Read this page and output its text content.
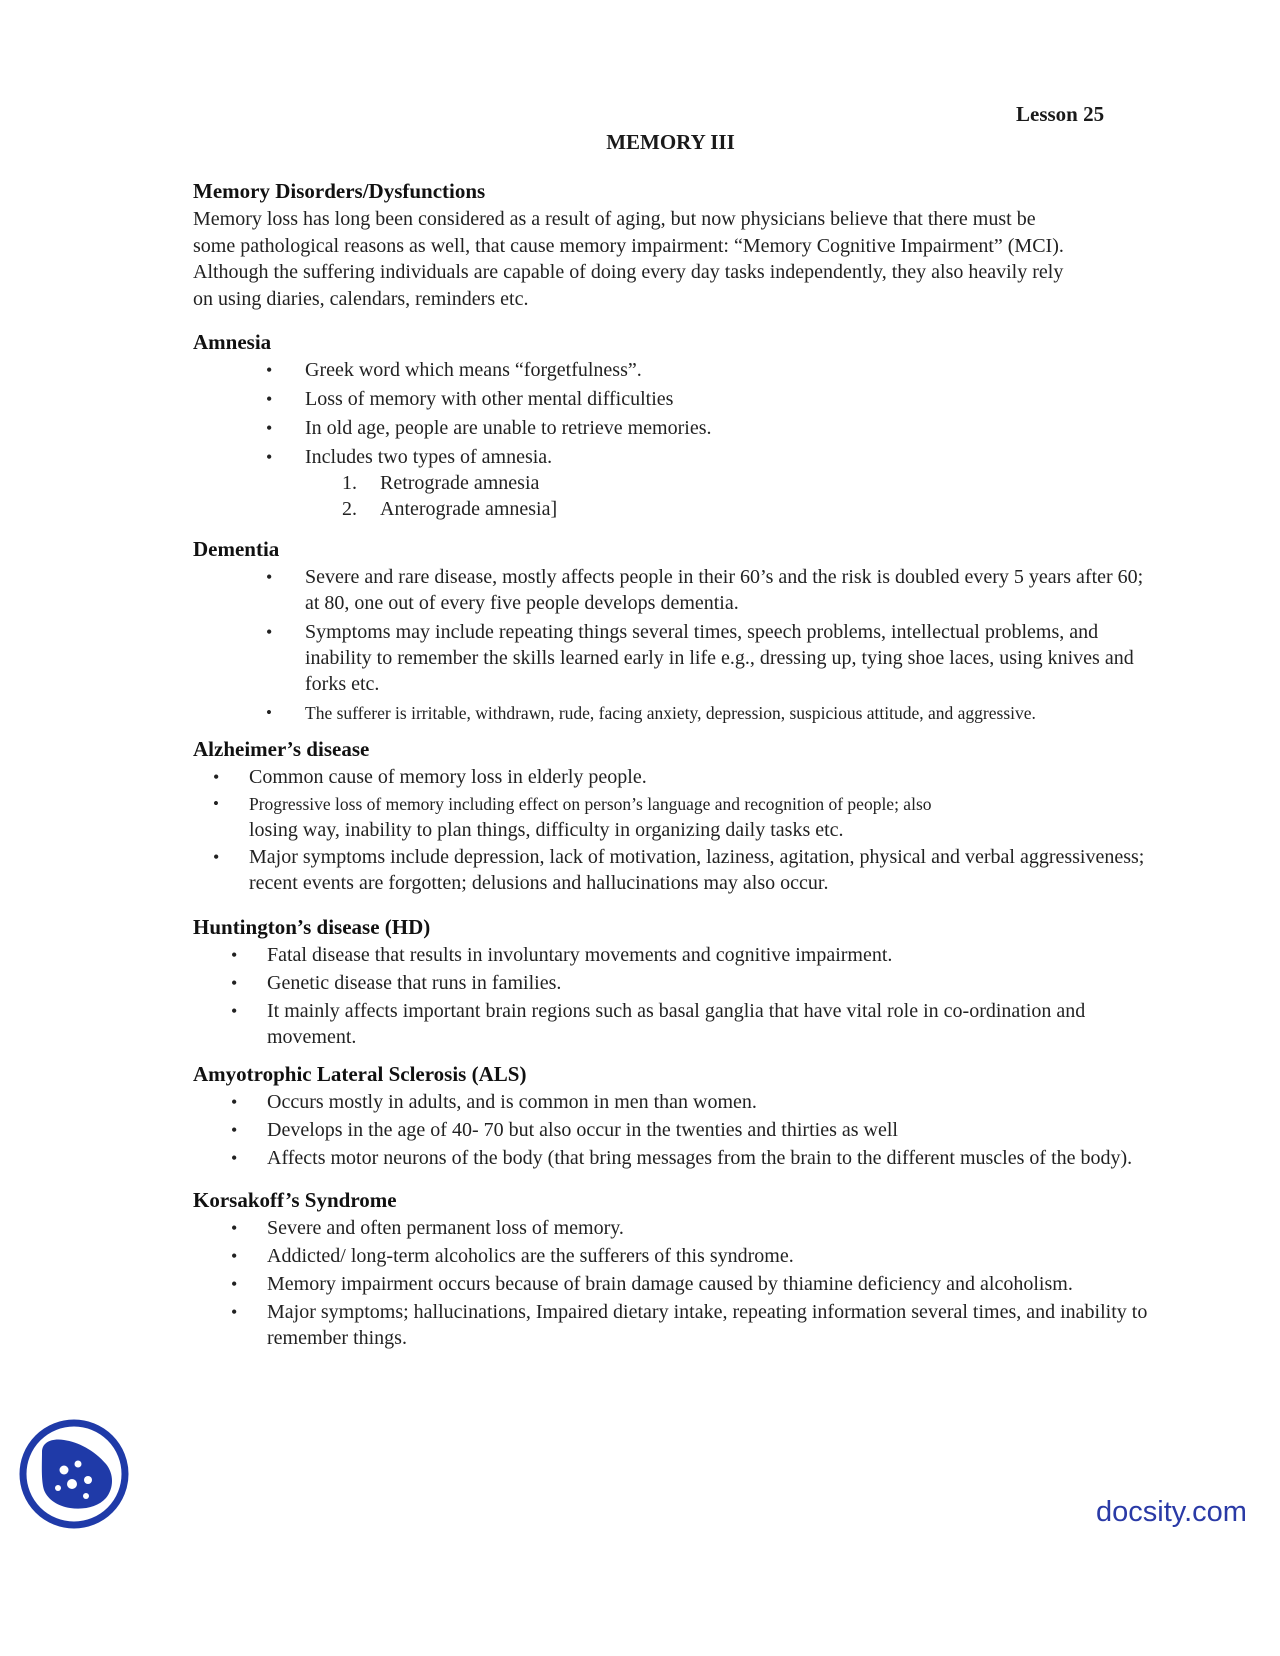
Lesson 25
MEMORY III
Memory Disorders/Dysfunctions

Memory loss has long been considered as a result of aging, but now physicians believe that there must be
some pathological reasons as well, that cause memory impairment: “Memory Cognitive Impairment” (MCI).
Although the suffering individuals are capable of doing every day tasks independently, they also heavily rely
on using diaries, calendars, reminders etc.

Amnesia
• Greek word which means “forgetfulness”.
• Loss of memory with other mental difficulties
• In old age, people are unable to retrieve memories.
• Includes two types of amnesia.
1. Retrograde amnesia
2. Anterograde amnesia]
Dementia
• Severe and rare disease, mostly affects people in their 60’s and the risk is doubled every 5 years after 60; at 80, one out of every five people develops dementia.
• Symptoms may include repeating things several times, speech problems, intellectual problems, and inability to remember the skills learned early in life e.g., dressing up, tying shoe laces, using knives and forks etc.
• The sufferer is irritable, withdrawn, rude, facing anxiety, depression, suspicious attitude, and aggressive.
Alzheimer’s disease
• Common cause of memory loss in elderly people.
• Progressive loss of memory including effect on person’s language and recognition of people; also
losing way, inability to plan things, difficulty in organizing daily tasks etc.
• Major symptoms include depression, lack of motivation, laziness, agitation, physical and verbal aggressiveness; recent events are forgotten; delusions and hallucinations may also occur.
Huntington’s disease (HD)
• Fatal disease that results in involuntary movements and cognitive impairment.
• Genetic disease that runs in families.
• It mainly affects important brain regions such as basal ganglia that have vital role in co-ordination and movement.
Amyotrophic Lateral Sclerosis (ALS)
• Occurs mostly in adults, and is common in men than women.
• Develops in the age of 40- 70 but also occur in the twenties and thirties as well
• Affects motor neurons of the body (that bring messages from the brain to the different muscles of the body).
Korsakoff’s Syndrome
• Severe and often permanent loss of memory.
• Addicted/ long-term alcoholics are the sufferers of this syndrome.
• Memory impairment occurs because of brain damage caused by thiamine deficiency and alcoholism.
• Major symptoms; hallucinations, Impaired dietary intake, repeating information several times, and inability to remember things.
docsity.com
